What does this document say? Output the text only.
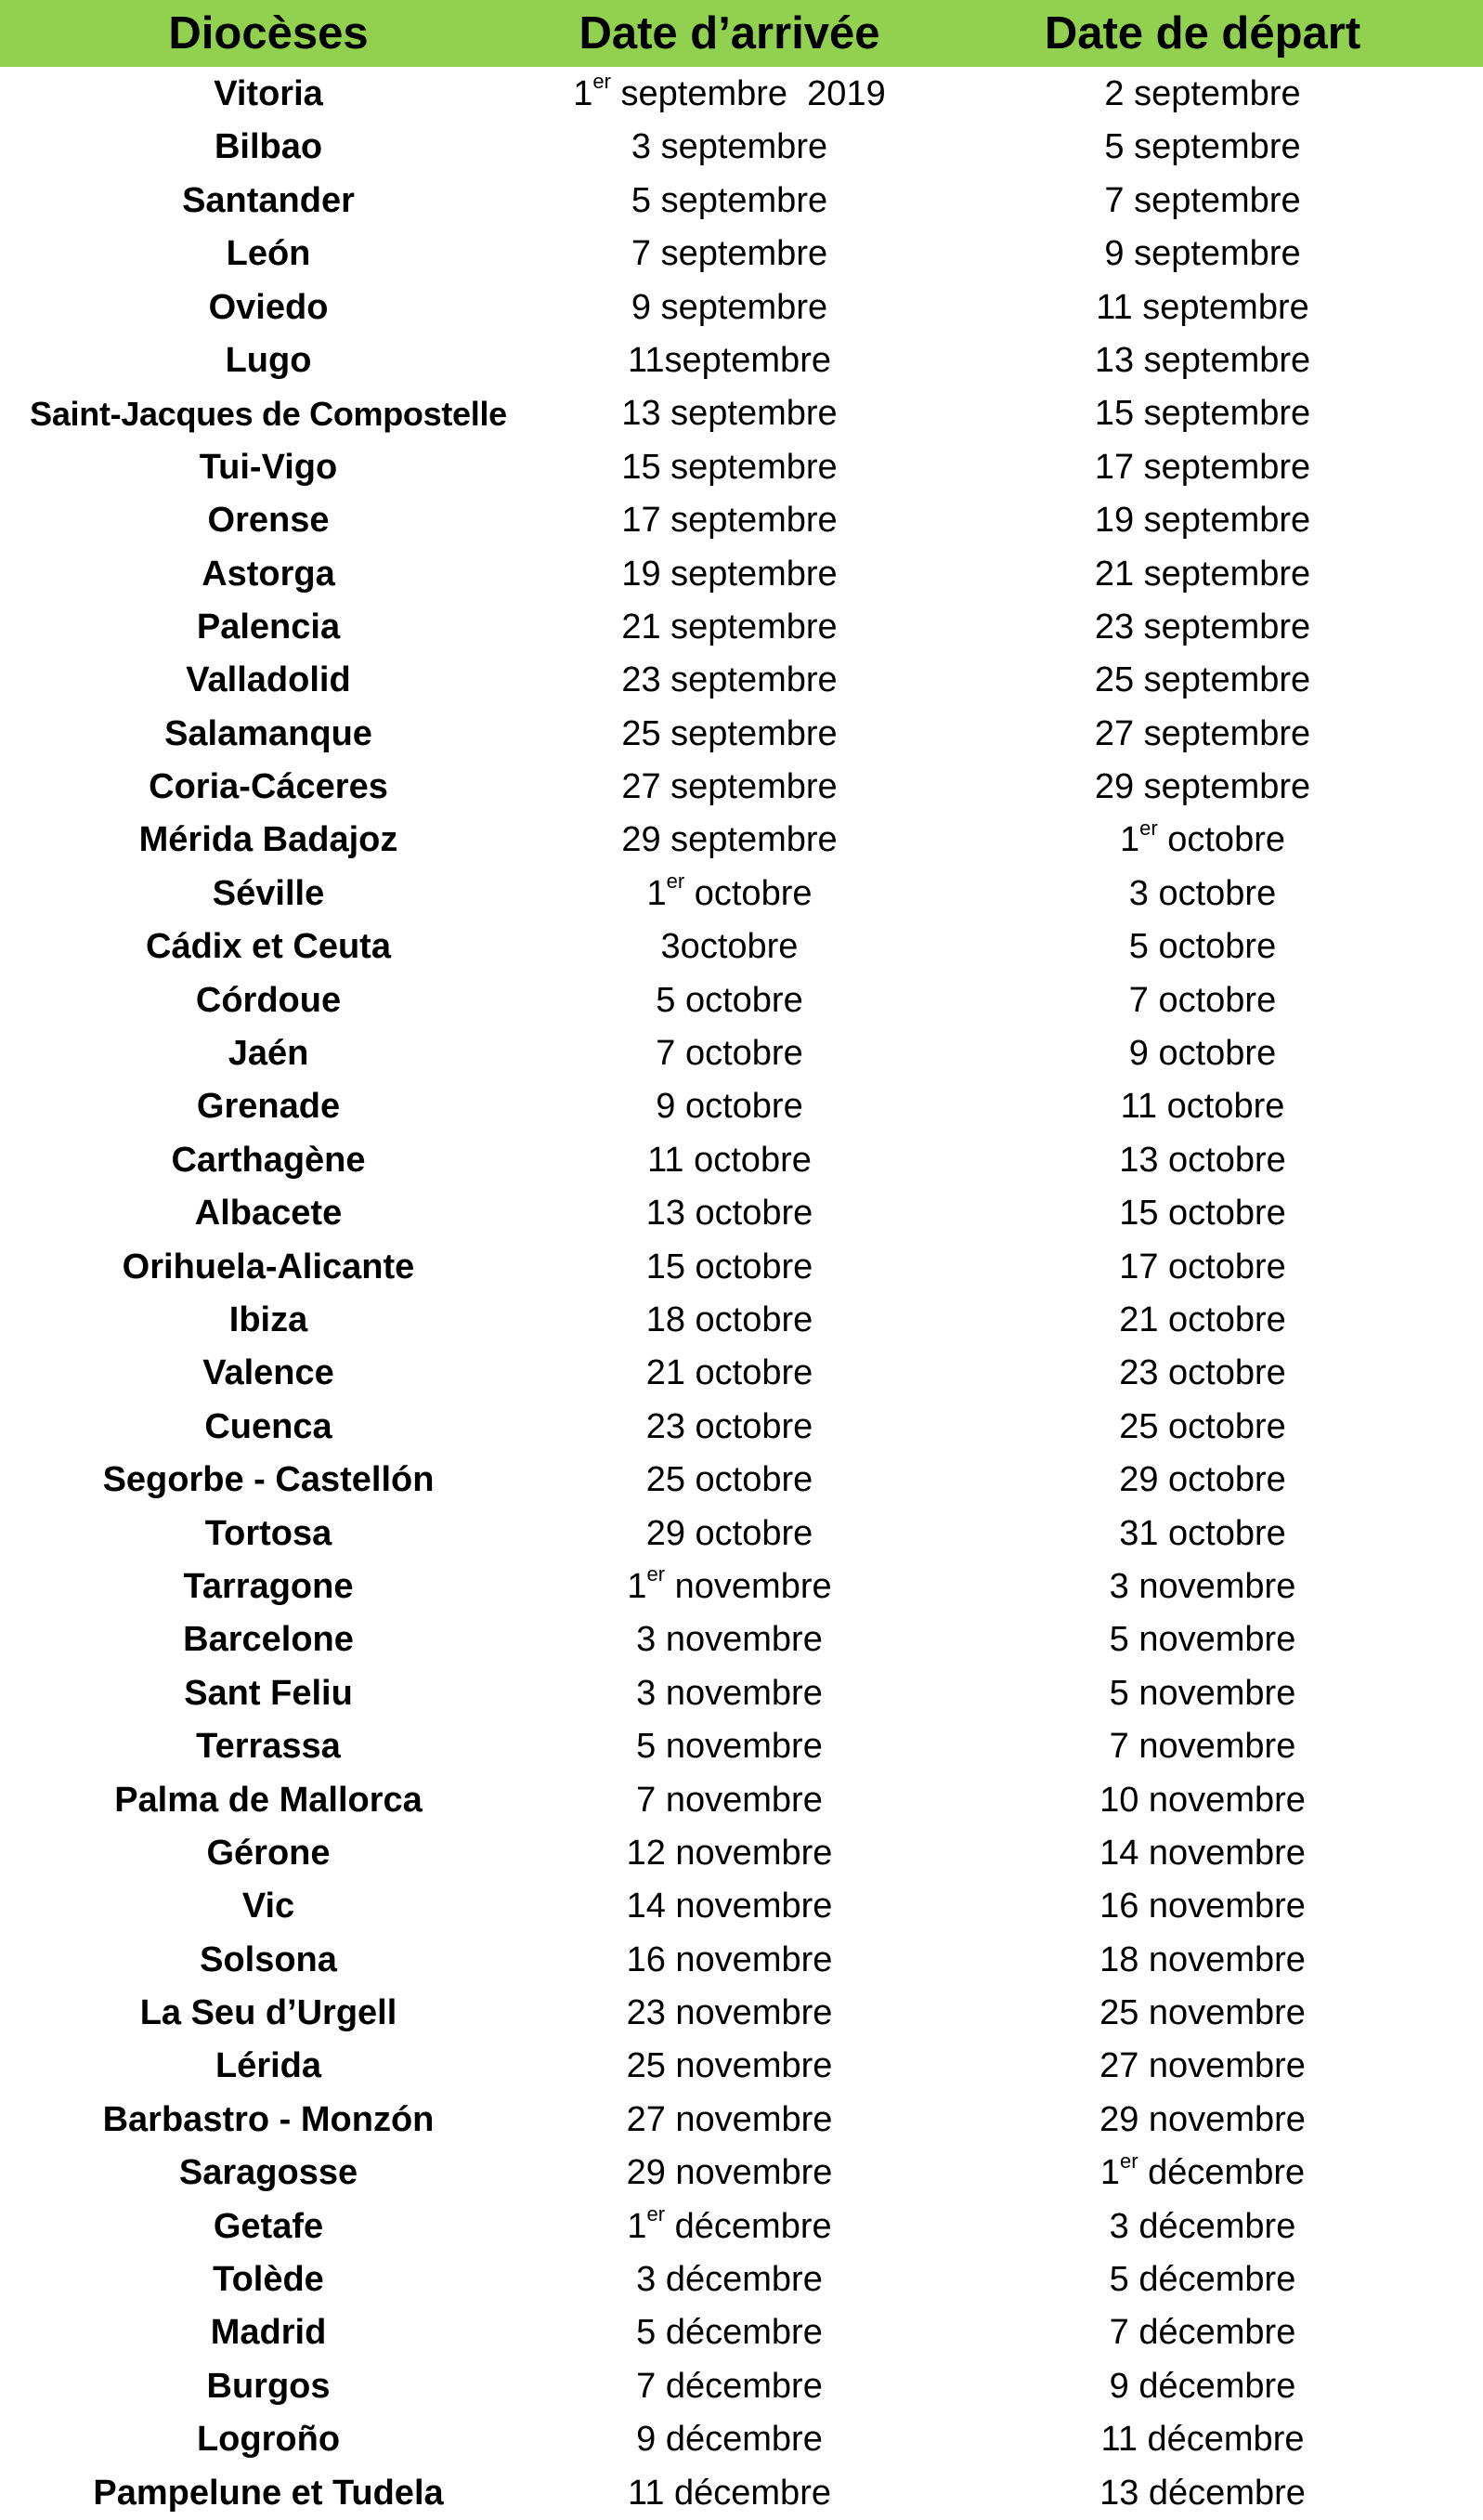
Diocèses	Date d’arrivée	Date de départ
Vitoria	1er septembre  2019	2 septembre
Bilbao	3 septembre	5 septembre
Santander	5 septembre	7 septembre
León	7 septembre	9 septembre
Oviedo	9 septembre	11 septembre
Lugo	11septembre	13 septembre
Saint-Jacques de Compostelle	13 septembre	15 septembre
Tui-Vigo	15 septembre	17 septembre
Orense	17 septembre	19 septembre
Astorga	19 septembre	21 septembre
Palencia	21 septembre	23 septembre
Valladolid	23 septembre	25 septembre
Salamanque	25 septembre	27 septembre
Coria-Cáceres	27 septembre	29 septembre
Mérida Badajoz	29 septembre	1er octobre
Séville	1er octobre	3 octobre
Cádix et Ceuta	3octobre	5 octobre
Córdoue	5 octobre	7 octobre
Jaén	7 octobre	9 octobre
Grenade	9 octobre	11 octobre
Carthagène	11 octobre	13 octobre
Albacete	13 octobre	15 octobre
Orihuela-Alicante	15 octobre	17 octobre
Ibiza	18 octobre	21 octobre
Valence	21 octobre	23 octobre
Cuenca	23 octobre	25 octobre
Segorbe - Castellón	25 octobre	29 octobre
Tortosa	29 octobre	31 octobre
Tarragone	1er novembre	3 novembre
Barcelone	3 novembre	5 novembre
Sant Feliu	3 novembre	5 novembre
Terrassa	5 novembre	7 novembre
Palma de Mallorca	7 novembre	10 novembre
Gérone	12 novembre	14 novembre
Vic	14 novembre	16 novembre
Solsona	16 novembre	18 novembre
La Seu d’Urgell	23 novembre	25 novembre
Lérida	25 novembre	27 novembre
Barbastro - Monzón	27 novembre	29 novembre
Saragosse	29 novembre	1er décembre
Getafe	1er décembre	3 décembre
Tolède	3 décembre	5 décembre
Madrid	5 décembre	7 décembre
Burgos	7 décembre	9 décembre
Logroño	9 décembre	11 décembre
Pampelune et Tudela	11 décembre	13 décembre
